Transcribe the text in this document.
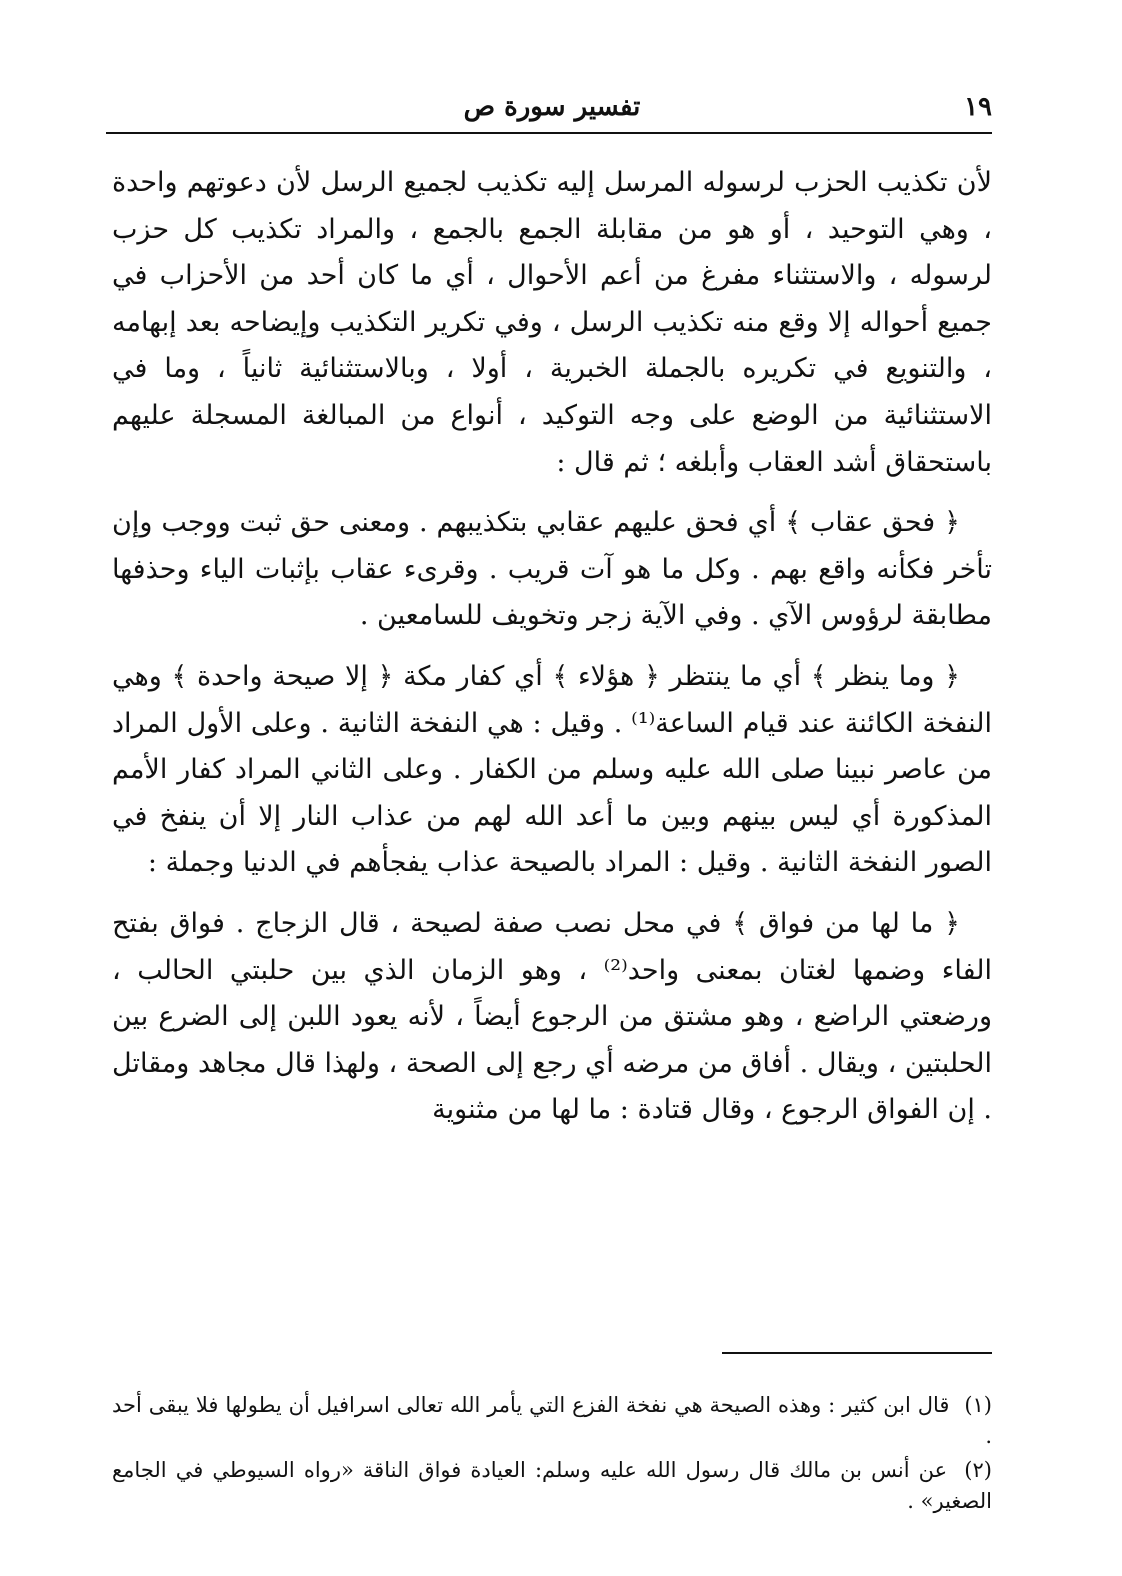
١٩
تفسير سورة ص

لأن تكذيب الحزب لرسوله المرسل إليه تكذيب لجميع الرسل لأن دعوتهم واحدة ، وهي التوحيد ، أو هو من مقابلة الجمع بالجمع ، والمراد تكذيب كل حزب لرسوله ، والاستثناء مفرغ من أعم الأحوال ، أي ما كان أحد من الأحزاب في جميع أحواله إلا وقع منه تكذيب الرسل ، وفي تكرير التكذيب وإيضاحه بعد إبهامه ، والتنويع في تكريره بالجملة الخبرية ، أولا ، وبالاستثنائية ثانياً ، وما في الاستثنائية من الوضع على وجه التوكيد ، أنواع من المبالغة المسجلة عليهم باستحقاق أشد العقاب وأبلغه ؛ ثم قال :

﴿ فحق عقاب ﴾ أي فحق عليهم عقابي بتكذيبهم . ومعنى حق ثبت ووجب وإن تأخر فكأنه واقع بهم . وكل ما هو آت قريب . وقرىء عقاب بإثبات الياء وحذفها مطابقة لرؤوس الآي . وفي الآية زجر وتخويف للسامعين .

﴿ وما ينظر ﴾ أي ما ينتظر ﴿ هؤلاء ﴾ أي كفار مكة ﴿ إلا صيحة واحدة ﴾ وهي النفخة الكائنة عند قيام الساعة⁽¹⁾ . وقيل : هي النفخة الثانية . وعلى الأول المراد من عاصر نبينا صلى الله عليه وسلم من الكفار . وعلى الثاني المراد كفار الأمم المذكورة أي ليس بينهم وبين ما أعد الله لهم من عذاب النار إلا أن ينفخ في الصور النفخة الثانية . وقيل : المراد بالصيحة عذاب يفجأهم في الدنيا وجملة :

﴿ ما لها من فواق ﴾ في محل نصب صفة لصيحة ، قال الزجاج . فواق بفتح الفاء وضمها لغتان بمعنى واحد⁽²⁾ ، وهو الزمان الذي بين حلبتي الحالب ، ورضعتي الراضع ، وهو مشتق من الرجوع أيضاً ، لأنه يعود اللبن إلى الضرع بين الحلبتين ، ويقال . أفاق من مرضه أي رجع إلى الصحة ، ولهذا قال مجاهد ومقاتل . إن الفواق الرجوع ، وقال قتادة : ما لها من مثنوية

(١) قال ابن كثير : وهذه الصيحة هي نفخة الفزع التي يأمر الله تعالى اسرافيل أن يطولها فلا يبقى أحد .

(٢) عن أنس بن مالك قال رسول الله عليه وسلم: العيادة فواق الناقة «رواه السيوطي في الجامع الصغير» .
